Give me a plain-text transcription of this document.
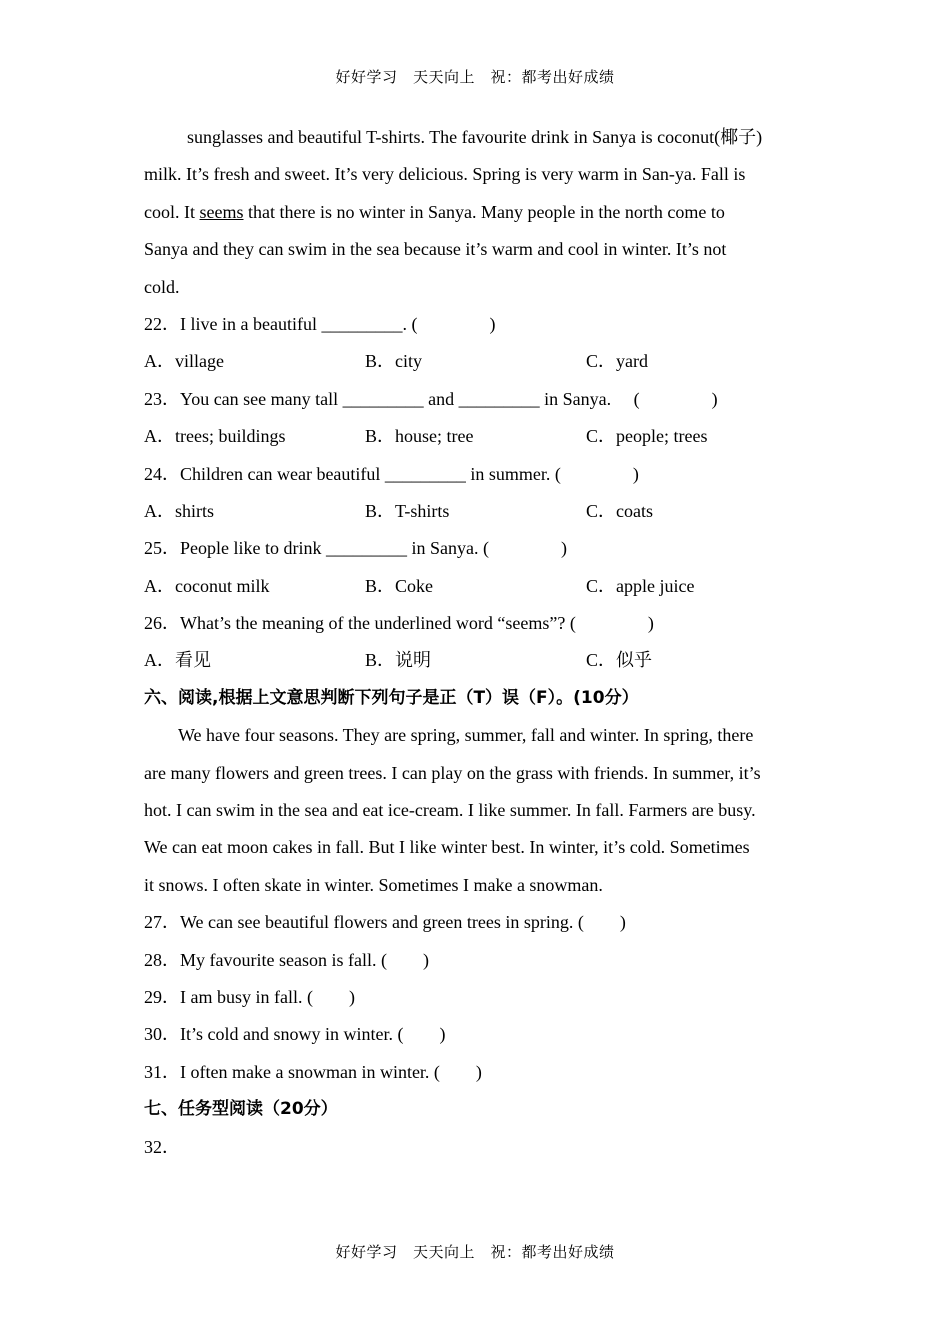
好好学习　天天向上　祝：都考出好成绩
sunglasses and beautiful T-shirts. The favourite drink in Sanya is coconut(椰子)
milk. It’s fresh and sweet. It’s very delicious. Spring is very warm in San-ya. Fall is
cool. It seems that there is no winter in Sanya. Many people in the north come to
Sanya and they can swim in the sea because it’s warm and cool in winter. It’s not
cold.
22．I live in a beautiful _________. (　　　　)
A．village	B．city	C．yard
23．You can see many tall _________ and _________ in Sanya.　 (　　　　)
A．trees; buildings	B．house; tree	C．people; trees
24．Children can wear beautiful _________ in summer. (　　　　)
A．shirts	B．T-shirts	C．coats
25．People like to drink _________ in Sanya. (　　　　)
A．coconut milk	B．Coke	C．apple juice
26．What’s the meaning of the underlined word “seems”? (　　　　)
A．看见	B．说明	C．似乎
六、阅读,根据上文意思判断下列句子是正（T）误（F）。(10分）
We have four seasons. They are spring, summer, fall and winter. In spring, there
are many flowers and green trees. I can play on the grass with friends. In summer, it’s
hot. I can swim in the sea and eat ice-cream. I like summer. In fall. Farmers are busy.
We can eat moon cakes in fall. But I like winter best. In winter, it’s cold. Sometimes
it snows. I often skate in winter. Sometimes I make a snowman.
27．We can see beautiful flowers and green trees in spring. (　　)
28．My favourite season is fall. (　　)
29．I am busy in fall. (　　)
30．It’s cold and snowy in winter. (　　)
31．I often make a snowman in winter. (　　)
七、任务型阅读（20分）
32．
好好学习　天天向上　祝：都考出好成绩
